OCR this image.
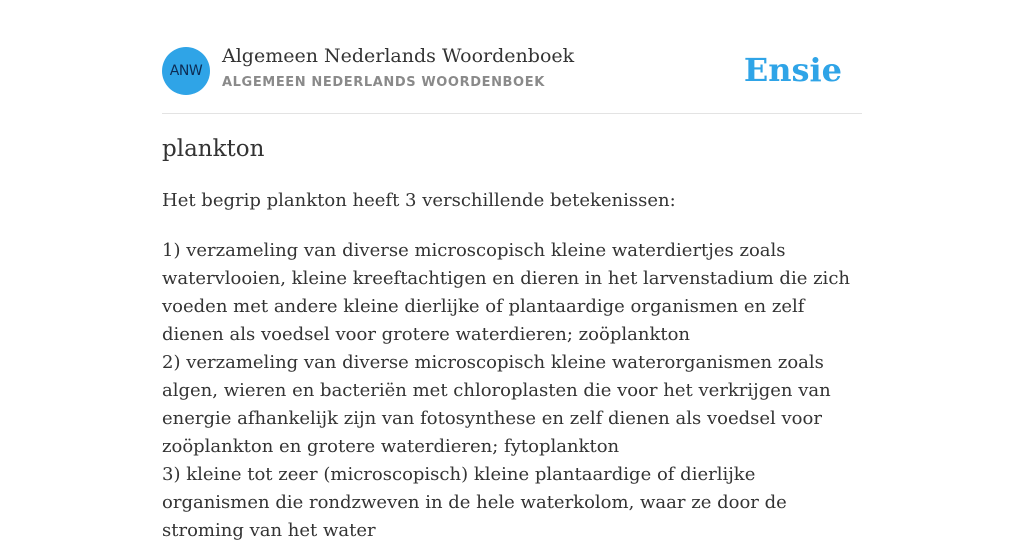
ANW
Algemeen Nederlands Woordenboek
ALGEMEEN NEDERLANDS WOORDENBOEK	Ensie
plankton
Het begrip plankton heeft 3 verschillende betekenissen:

1) verzameling van diverse microscopisch kleine waterdiertjes zoals watervlooien, kleine kreeftachtigen en dieren in het larvenstadium die zich voeden met andere kleine dierlijke of plantaardige organismen en zelf dienen als voedsel voor grotere waterdieren; zoöplankton

2) verzameling van diverse microscopisch kleine waterorganismen zoals algen, wieren en bacteriën met chloroplasten die voor het verkrijgen van energie afhankelijk zijn van fotosynthese en zelf dienen als voedsel voor zoöplankton en grotere waterdieren; fytoplankton

3) kleine tot zeer (microscopisch) kleine plantaardige of dierlijke organismen die rondzweven in de hele waterkolom, waar ze door de stroming van het water
